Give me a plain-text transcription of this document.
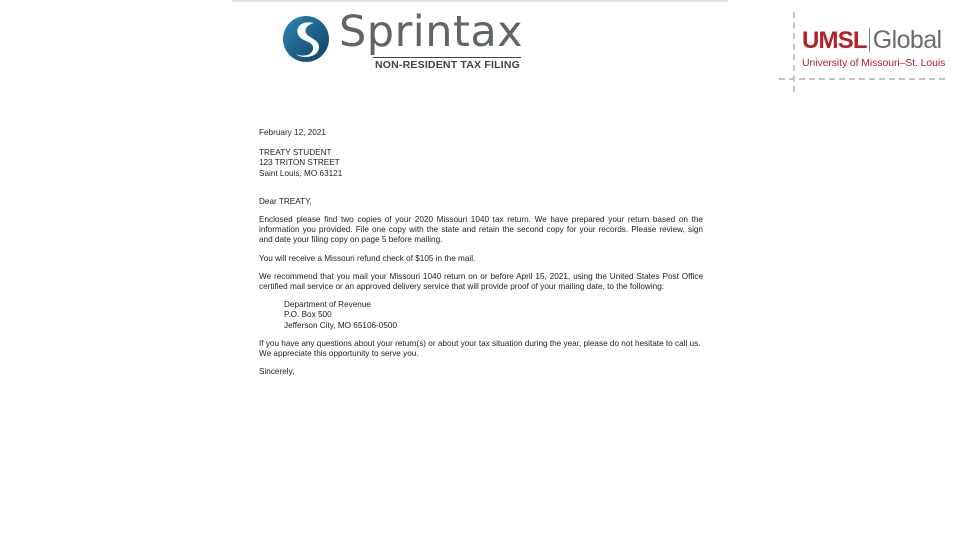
Sprintax
NON-RESIDENT TAX FILING
UMSL Global
University of Missouri–St. Louis

February 12, 2021

TREATY STUDENT

123 TRITON STREET

Saint Louis, MO 63121

Dear TREATY,

Enclosed please find two copies of your 2020 Missouri 1040 tax return. We have prepared your return based on the information you provided. File one copy with the state and retain the second copy for your records. Please review, sign and date your filing copy on page 5 before mailing.

You will receive a Missouri refund check of $105 in the mail.

We recommend that you mail your Missouri 1040 return on or before April 15, 2021, using the United States Post Office certified mail service or an approved delivery service that will provide proof of your mailing date, to the following:

Department of Revenue

P.O. Box 500

Jefferson City, MO 65106-0500

If you have any questions about your return(s) or about your tax situation during the year, please do not hesitate to call us.

We appreciate this opportunity to serve you.

Sincerely,
